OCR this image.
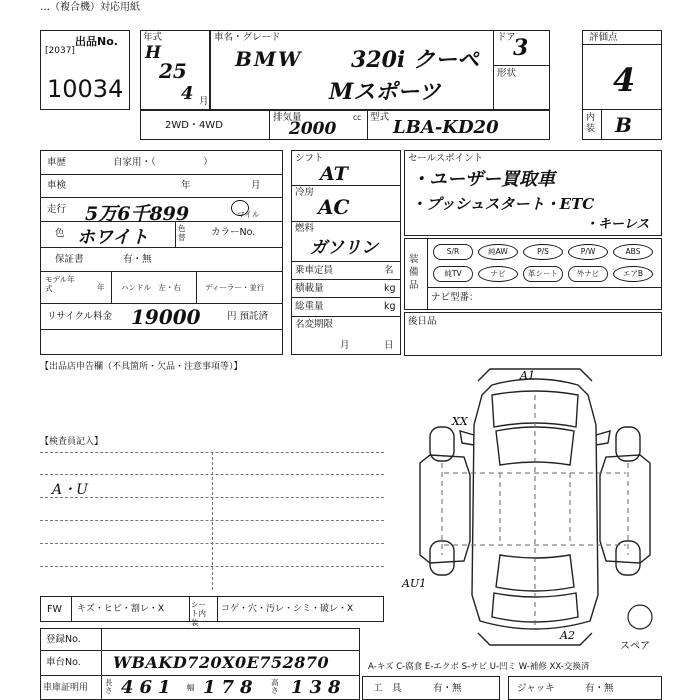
…（複合機）対応用紙
出品No.
[2037]
10034
年式
H
25
4 月
車名・グレード
BMW 320i クーペ
Mスポーツ
ドア
3
形状
2WD・4WD
排気量	cc
2000
型式 LBA-KD20
評価点
4
内装 B
車歴	自家用・（　　　　　）
車検	年	月
走行 5万6千899	マイル
色 ホワイト	色替	カラーNo.
保証書	有・無
モデル年式	年 ハンドル　左・右	ディーラー・並行
リサイクル料金 19000	円 預託済
シフト
AT
冷房
AC
燃料
ガソリン
乗車定員	名
積載量	kg
総重量	kg
名変期限
月	日
セールスポイント
・ユーザー買取車
・プッシュスタート・ETC
・キーレス
装備品
S/R	純AW	P/S	P/W	ABS
純TV	ナビ	革シート	外ナビ	エアB
ナビ型番：
後日品
【出品店申告欄（不具箇所・欠品・注意事項等）】
【検査員記入】
A・U
FW キズ・ヒビ・割レ・X	シート内装
コゲ・穴・汚レ・シミ・破レ・X
A1
XX
AU1
A2
スペア
登録No.
車台No. WBAKD720X0E752870
車庫証明用
長さ 461 幅 178 高さ 138
A-キズ C-腐食 E-エクボ S-サビ U-凹ミ W-補修 XX-交換済
工　具	有・無	ジャッキ	有・無
